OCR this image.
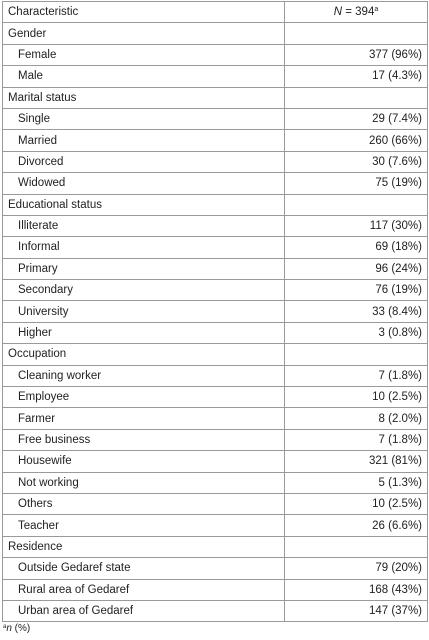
Characteristic	$N = 394^a$
Gender	
Female	377 (96%)
Male	17 (4.3%)
Marital status	
Single	29 (7.4%)
Married	260 (66%)
Divorced	30 (7.6%)
Widowed	75 (19%)
Educational status	
Illiterate	117 (30%)
Informal	69 (18%)
Primary	96 (24%)
Secondary	76 (19%)
University	33 (8.4%)
Higher	3 (0.8%)
Occupation	
Cleaning worker	7 (1.8%)
Employee	10 (2.5%)
Farmer	8 (2.0%)
Free business	7 (1.8%)
Housewife	321 (81%)
Not working	5 (1.3%)
Others	10 (2.5%)
Teacher	26 (6.6%)
Residence	
Outside Gedaref state	79 (20%)
Rural area of Gedaref	168 (43%)
Urban area of Gedaref	147 (37%)
$^a$n (%)
